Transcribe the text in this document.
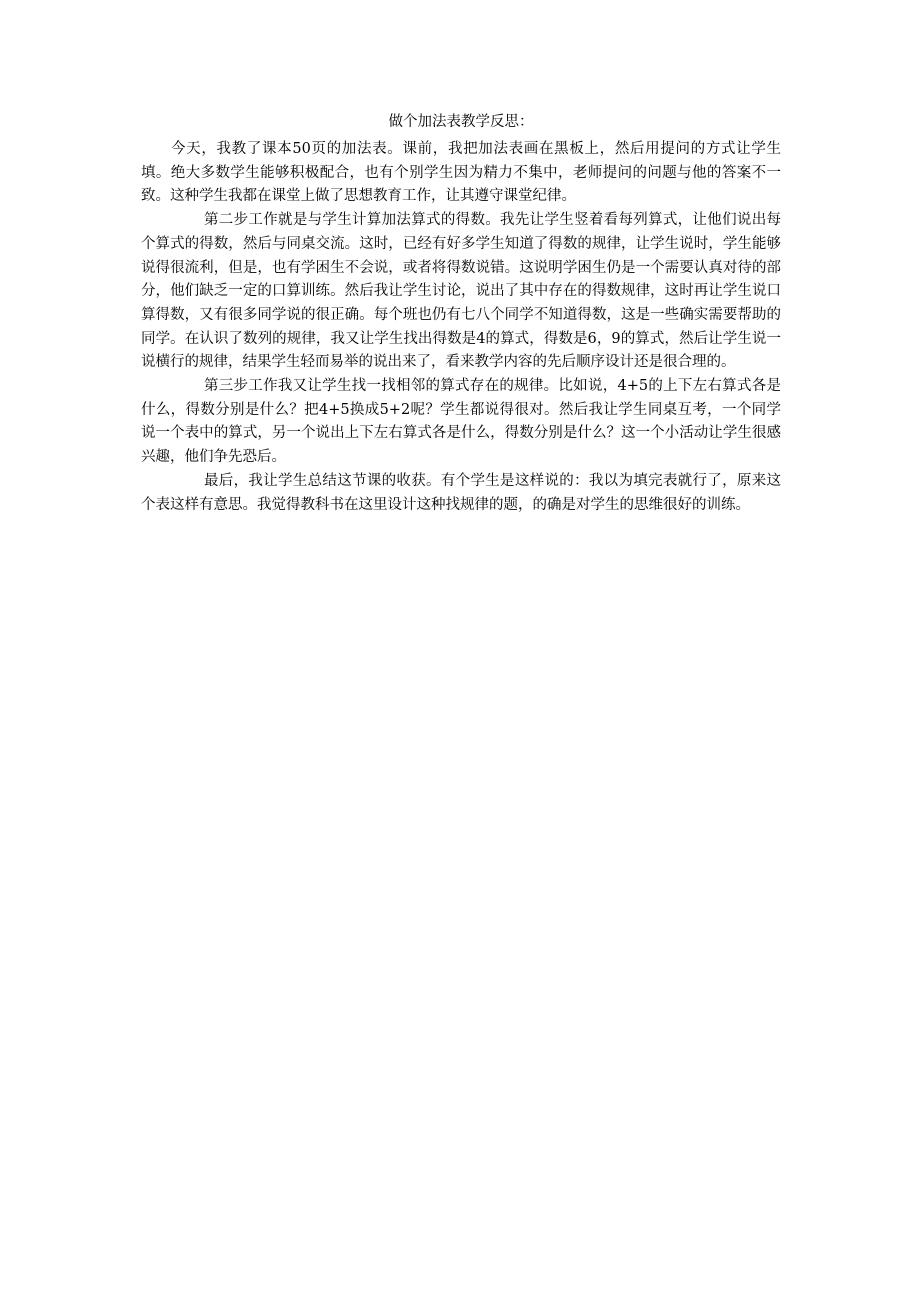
做个加法表教学反思：

今天，我教了课本50页的加法表。课前，我把加法表画在黑板上，然后用提问的方式让学生填。绝大多数学生能够积极配合，也有个别学生因为精力不集中，老师提问的问题与他的答案不一致。这种学生我都在课堂上做了思想教育工作，让其遵守课堂纪律。

第二步工作就是与学生计算加法算式的得数。我先让学生竖着看每列算式，让他们说出每个算式的得数，然后与同桌交流。这时，已经有好多学生知道了得数的规律，让学生说时，学生能够说得很流利，但是，也有学困生不会说，或者将得数说错。这说明学困生仍是一个需要认真对待的部分，他们缺乏一定的口算训练。然后我让学生讨论，说出了其中存在的得数规律，这时再让学生说口算得数，又有很多同学说的很正确。每个班也仍有七八个同学不知道得数，这是一些确实需要帮助的同学。在认识了数列的规律，我又让学生找出得数是4的算式，得数是6，9的算式，然后让学生说一说横行的规律，结果学生轻而易举的说出来了，看来教学内容的先后顺序设计还是很合理的。

第三步工作我又让学生找一找相邻的算式存在的规律。比如说，4+5的上下左右算式各是什么，得数分别是什么？把4+5换成5+2呢？学生都说得很对。然后我让学生同桌互考，一个同学说一个表中的算式，另一个说出上下左右算式各是什么，得数分别是什么？这一个小活动让学生很感兴趣，他们争先恐后。

最后，我让学生总结这节课的收获。有个学生是这样说的：我以为填完表就行了，原来这个表这样有意思。我觉得教科书在这里设计这种找规律的题，的确是对学生的思维很好的训练。
